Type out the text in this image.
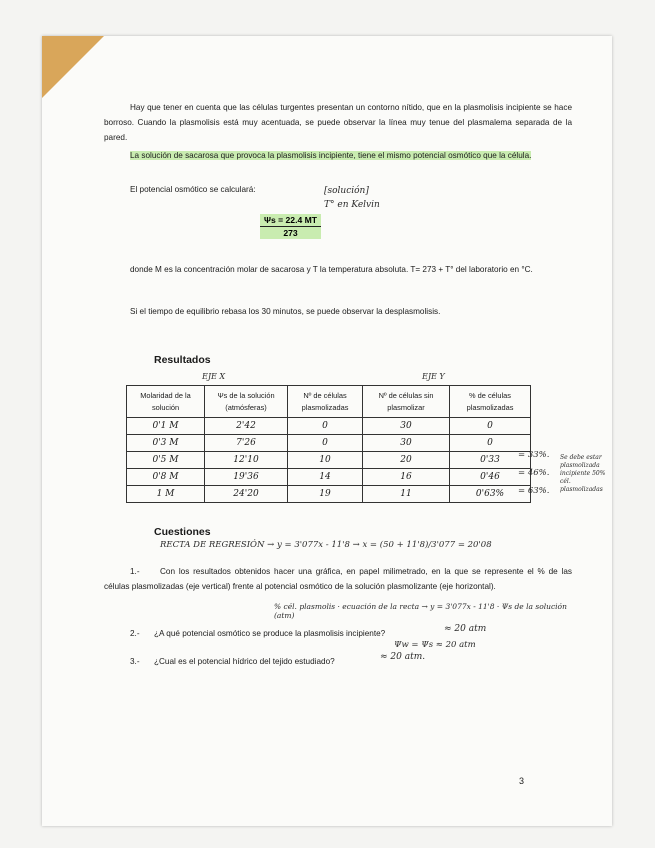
Hay que tener en cuenta que las células turgentes presentan un contorno nítido, que en la plasmolisis incipiente se hace borroso. Cuando la plasmolisis está muy acentuada, se puede observar la línea muy tenue del plasmalema separada de la pared.

La solución de sacarosa que provoca la plasmolisis incipiente, tiene el mismo potencial osmótico que la célula.

El potencial osmótico se calculará:

$\frac{\Psi s = 22.4 MT}{273}$
[solución]
T° en Kelvin

donde M es la concentración molar de sacarosa y T la temperatura absoluta. T= 273 + T° del laboratorio en °C.

Si el tiempo de equilibrio rebasa los 30 minutos, se puede observar la desplasmolisis.

Resultados
EJE X	EJE Y
Molaridad de la solución	Ψs de la solución (atmósferas)	Nº de células plasmolizadas	Nº de células sin plasmolizar	% de células plasmolizadas
0'1 M	2'42	0	30	0
0'3 M	7'26	0	30	0
0'5 M	12'10	10	20	0'33
0'8 M	19'36	14	16	0'46
1 M	24'20	19	11	0'63%
= 33%.
= 46%.
= 63%.
Se debe estar plasmolizada incipiente 50% cél. plasmolizadas
Cuestiones
RECTA DE REGRESIÓN → y = 3'077x - 11'8 → x = (50 + 11'8)/3'077 = 20'08
1.-	Con los resultados obtenidos hacer una gráfica, en papel milimetrado, en la que se represente el % de las células plasmolizadas (eje vertical) frente al potencial osmótico de la solución plasmolizante (eje horizontal).

% cél. plasmolis · ecuación de la recta → y = 3'077x - 11'8 · Ψs de la solución (atm)
2.- ¿A qué potencial osmótico se produce la plasmolisis incipiente?	≈ 20 atm
Ψw = Ψs ≈ 20 atm
3.- ¿Cual es el potencial hídrico del tejido estudiado?	≈ 20 atm.
3
